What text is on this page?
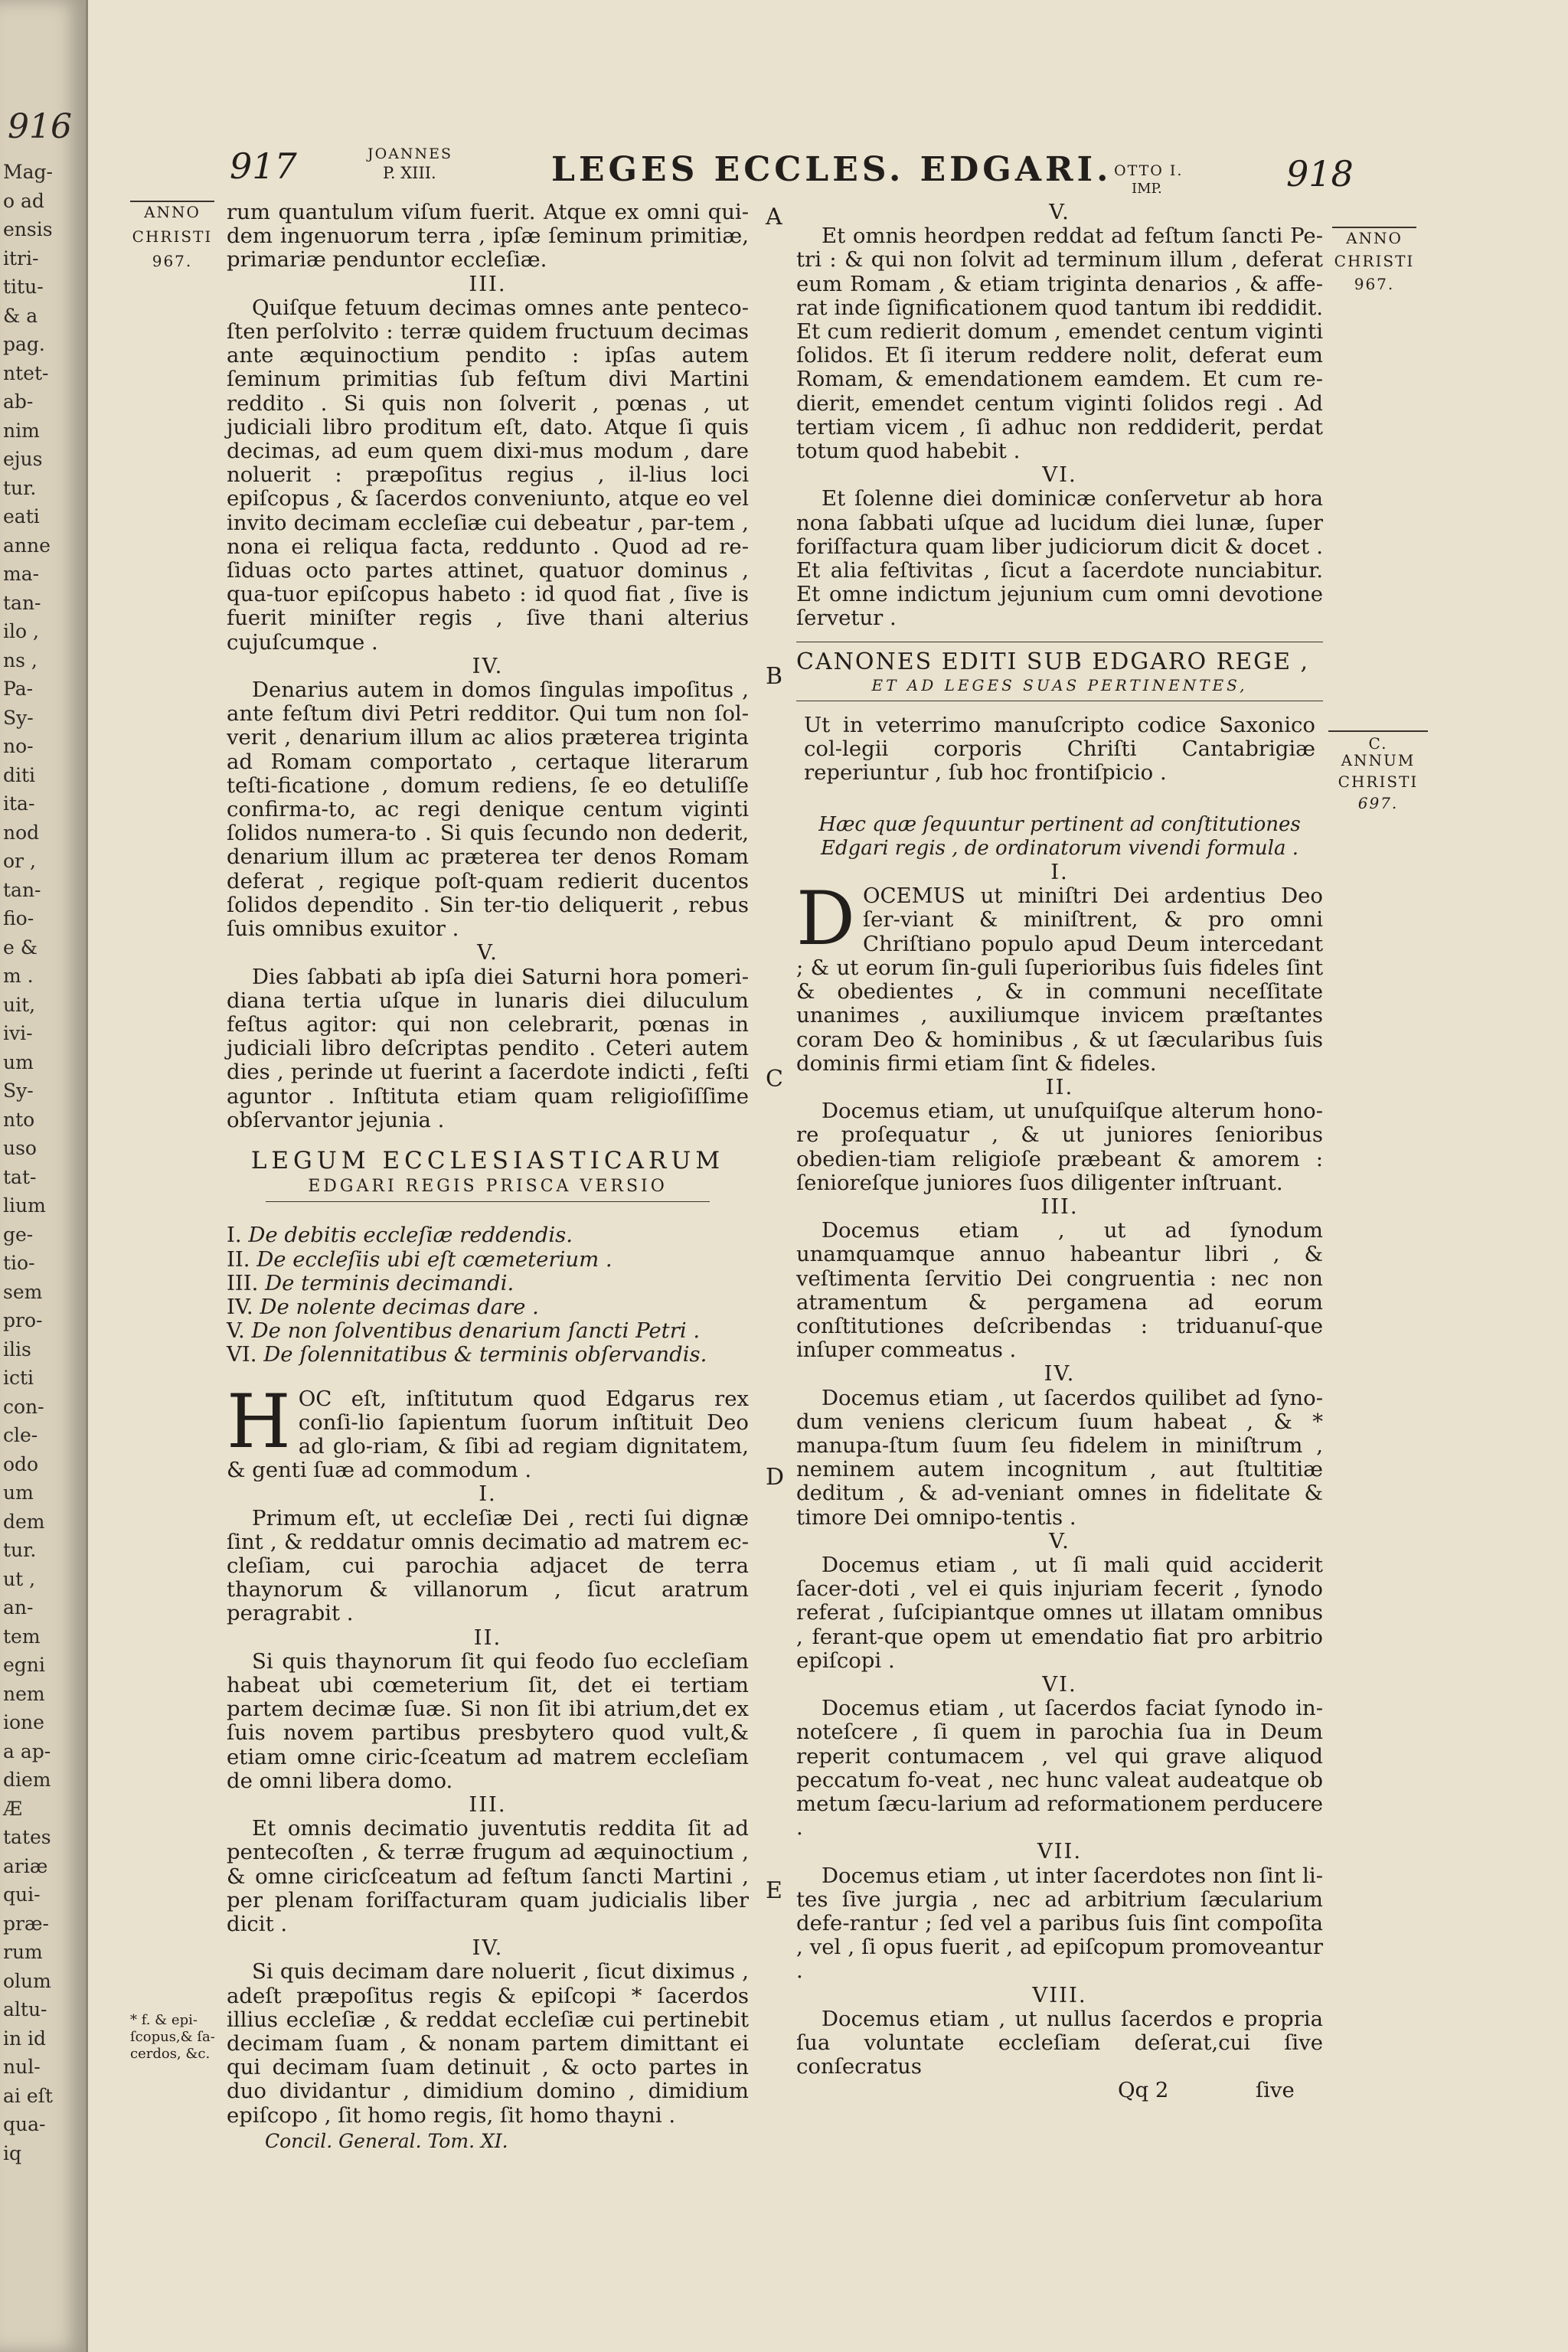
916
Mag-
o ad
ensis
itri-
titu-
& a
pag.
ntet-
ab-
nim
ejus
tur.
eati
anne
ma-
tan-
ilo ,
ns ,
Pa-
Sy-
no-
diti
ita-
nod
or ,
tan-
fio-
e &
m .
uit,
ivi-
um
Sy-
nto
uso
tat-
lium
ge-
tio-
sem
pro-
ilis
icti
con-
cle-
odo
um
dem
tur.
ut ,
an-
tem
egni
nem
ione
a ap-
diem
Æ
tates
ariæ
qui-
præ-
rum
olum
altu-
in id
nul-
ai eſt
qua-
iq
917	JOANNES
P. XIII.	LEGES ECCLES. EDGARI. OTTO I.
IMP.	918
ANNO
CHRISTI
967.
* f. & epi-ſcopus,& ſa-cerdos, &c.
ANNO
CHRISTI
967.
C. ANNUM
CHRISTI
697.
A
B
C
D
E

rum quantulum viſum fuerit. Atque ex omni qui-dem ingenuorum terra , ipſæ ſeminum primitiæ, primariæ penduntor eccleſiæ.

III.

Quiſque fetuum decimas omnes ante penteco-ſten perſolvito : terræ quidem fructuum decimas ante æquinoctium pendito : ipſas autem ſeminum primitias ſub feſtum divi Martini reddito . Si quis non ſolverit , pœnas , ut judiciali libro proditum eſt, dato. Atque ſi quis decimas, ad eum quem dixi-mus modum , dare noluerit : præpoſitus regius , il-lius loci epiſcopus , & ſacerdos conveniunto, atque eo vel invito decimam eccleſiæ cui debeatur , par-tem , nona ei reliqua facta, reddunto . Quod ad re-ſiduas octo partes attinet, quatuor dominus , qua-tuor epiſcopus habeto : id quod fiat , ſive is fuerit miniſter regis , ſive thani alterius cujuſcumque .

IV.

Denarius autem in domos ſingulas impoſitus , ante feſtum divi Petri redditor. Qui tum non ſol-verit , denarium illum ac alios præterea triginta ad Romam comportato , certaque literarum teſti-ficatione , domum rediens, ſe eo detuliſſe confirma-to, ac regi denique centum viginti ſolidos numera-to . Si quis ſecundo non dederit, denarium illum ac præterea ter denos Romam deferat , regique poſt-quam redierit ducentos ſolidos dependito . Sin ter-tio deliquerit , rebus ſuis omnibus exuitor .

V.

Dies ſabbati ab ipſa diei Saturni hora pomeri-diana tertia uſque in lunaris diei diluculum feſtus agitor: qui non celebrarit, pœnas in judiciali libro deſcriptas pendito . Ceteri autem dies , perinde ut fuerint a ſacerdote indicti , feſti aguntor . Inſtituta etiam quam religioſiſſime obſervantor jejunia .

LEGUM ECCLESIASTICARUM
EDGARI REGIS PRISCA VERSIO
I. De debitis eccleſiæ reddendis.
II. De eccleſiis ubi eſt cœmeterium .
III. De terminis decimandi.
IV. De nolente decimas dare .
V. De non ſolventibus denarium ſancti Petri .
VI. De ſolennitatibus & terminis obſervandis.

HOC eſt, inſtitutum quod Edgarus rex conſi-lio ſapientum ſuorum inſtituit Deo ad glo-riam, & ſibi ad regiam dignitatem, & genti ſuæ ad commodum .

I.

Primum eſt, ut eccleſiæ Dei , recti ſui dignæ ſint , & reddatur omnis decimatio ad matrem ec-cleſiam, cui parochia adjacet de terra thaynorum & villanorum , ſicut aratrum peragrabit .

II.

Si quis thaynorum ſit qui feodo ſuo eccleſiam habeat ubi cœmeterium ſit, det ei tertiam partem decimæ ſuæ. Si non ſit ibi atrium,det ex ſuis novem partibus presbytero quod vult,& etiam omne ciric-ſceatum ad matrem eccleſiam de omni libera domo.

III.

Et omnis decimatio juventutis reddita ſit ad pentecoſten , & terræ frugum ad æquinoctium , & omne ciricſceatum ad feſtum ſancti Martini , per plenam foriſfacturam quam judicialis liber dicit .

IV.

Si quis decimam dare noluerit , ſicut diximus , adeſt præpoſitus regis & epiſcopi * ſacerdos illius eccleſiæ , & reddat eccleſiæ cui pertinebit decimam ſuam , & nonam partem dimittant ei qui decimam ſuam detinuit , & octo partes in duo dividantur , dimidium domino , dimidium epiſcopo , ſit homo regis, ſit homo thayni .

Concil. General. Tom. XI.
V.

Et omnis heordpen reddat ad feſtum ſancti Pe-tri : & qui non ſolvit ad terminum illum , deferat eum Romam , & etiam triginta denarios , & affe-rat inde ſignificationem quod tantum ibi reddidit. Et cum redierit domum , emendet centum viginti ſolidos. Et ſi iterum reddere nolit, deferat eum Romam, & emendationem eamdem. Et cum re-dierit, emendet centum viginti ſolidos regi . Ad tertiam vicem , ſi adhuc non reddiderit, perdat totum quod habebit .

VI.

Et ſolenne diei dominicæ conſervetur ab hora nona ſabbati uſque ad lucidum diei lunæ, ſuper foriſfactura quam liber judiciorum dicit & docet . Et alia feſtivitas , ſicut a ſacerdote nunciabitur. Et omne indictum jejunium cum omni devotione ſervetur .

CANONES EDITI SUB EDGARO REGE ,
ET AD LEGES SUAS PERTINENTES,

Ut in veterrimo manuſcripto codice Saxonico col-legii corporis Chriſti Cantabrigiæ reperiuntur , ſub hoc frontiſpicio .

Hæc quæ ſequuntur pertinent ad conſtitutiones Edgari regis , de ordinatorum vivendi formula .

I.

DOCEMUS ut miniſtri Dei ardentius Deo ſer-viant & miniſtrent, & pro omni Chriſtiano populo apud Deum intercedant ; & ut eorum ſin-guli ſuperioribus ſuis fideles ſint & obedientes , & in communi neceſſitate unanimes , auxiliumque invicem præſtantes coram Deo & hominibus , & ut ſæcularibus ſuis dominis firmi etiam ſint & fideles.

II.

Docemus etiam, ut unuſquiſque alterum hono-re proſequatur , & ut juniores ſenioribus obedien-tiam religioſe præbeant & amorem : ſenioreſque juniores ſuos diligenter inſtruant.

III.

Docemus etiam , ut ad ſynodum unamquamque annuo habeantur libri , & veſtimenta ſervitio Dei congruentia : nec non atramentum & pergamena ad eorum conſtitutiones deſcribendas : triduanuſ-que inſuper commeatus .

IV.

Docemus etiam , ut ſacerdos quilibet ad ſyno-dum veniens clericum ſuum habeat , & * manupa-ſtum ſuum ſeu fidelem in miniſtrum , neminem autem incognitum , aut ſtultitiæ deditum , & ad-veniant omnes in fidelitate & timore Dei omnipo-tentis .

V.

Docemus etiam , ut ſi mali quid acciderit ſacer-doti , vel ei quis injuriam fecerit , ſynodo referat , ſuſcipiantque omnes ut illatam omnibus , ferant-que opem ut emendatio fiat pro arbitrio epiſcopi .

VI.

Docemus etiam , ut ſacerdos faciat ſynodo in-noteſcere , ſi quem in parochia ſua in Deum reperit contumacem , vel qui grave aliquod peccatum fo-veat , nec hunc valeat audeatque ob metum ſæcu-larium ad reformationem perducere .

VII.

Docemus etiam , ut inter ſacerdotes non ſint li-tes ſive jurgia , nec ad arbitrium ſæcularium defe-rantur ; ſed vel a paribus ſuis ſint compoſita , vel , ſi opus fuerit , ad epiſcopum promoveantur .

VIII.

Docemus etiam , ut nullus ſacerdos e propria ſua voluntate eccleſiam deſerat,cui ſive conſecratus

Qq 2	ſive
